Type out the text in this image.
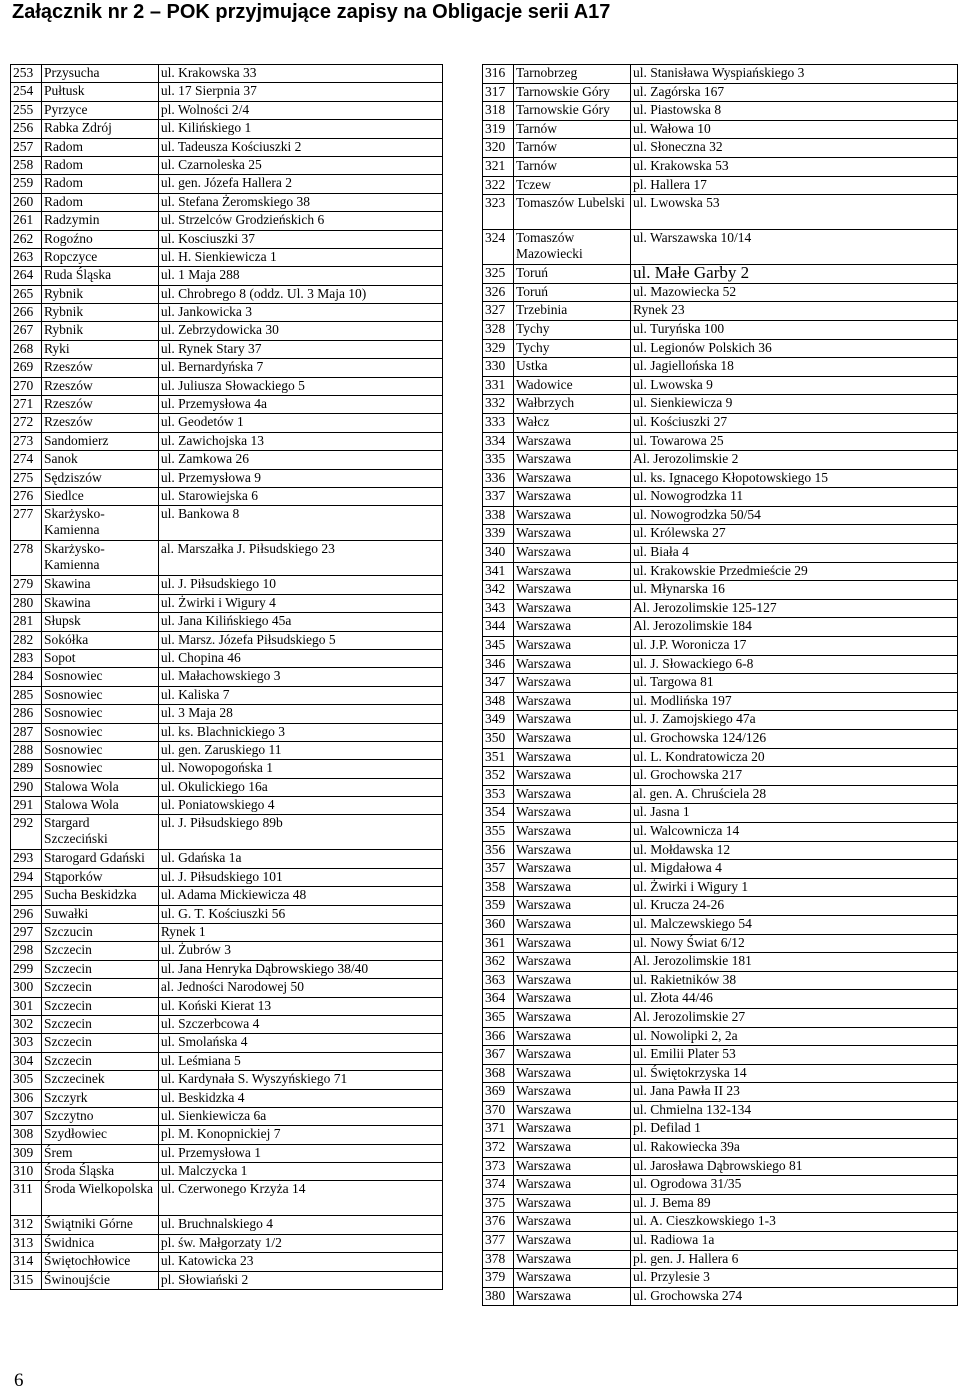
Załącznik nr 2 – POK przyjmujące zapisy na Obligacje serii A17
253	Przysucha	ul. Krakowska 33
254	Pułtusk	ul. 17 Sierpnia 37
255	Pyrzyce	pl. Wolności 2/4
256	Rabka Zdrój	ul. Kilińskiego 1
257	Radom	ul. Tadeusza Kościuszki 2
258	Radom	ul. Czarnoleska 25
259	Radom	ul. gen. Józefa Hallera 2
260	Radom	ul. Stefana Żeromskiego 38
261	Radzymin	ul. Strzelców Grodzieńskich 6
262	Rogoźno	ul. Kosciuszki 37
263	Ropczyce	ul. H. Sienkiewicza 1
264	Ruda Śląska	ul. 1 Maja 288
265	Rybnik	ul. Chrobrego 8 (oddz. Ul. 3 Maja 10)
266	Rybnik	ul. Jankowicka 3
267	Rybnik	ul. Zebrzydowicka 30
268	Ryki	ul. Rynek Stary 37
269	Rzeszów	ul. Bernardyńska 7
270	Rzeszów	ul. Juliusza Słowackiego 5
271	Rzeszów	ul. Przemysłowa 4a
272	Rzeszów	ul. Geodetów 1
273	Sandomierz	ul. Zawichojska 13
274	Sanok	ul. Zamkowa 26
275	Sędziszów	ul. Przemysłowa 9
276	Siedlce	ul. Starowiejska 6
277	Skarżysko-Kamienna	ul. Bankowa 8
278	Skarżysko-Kamienna	al. Marszałka J. Piłsudskiego 23
279	Skawina	ul. J. Piłsudskiego 10
280	Skawina	ul. Żwirki i Wigury 4
281	Słupsk	ul. Jana Kilińskiego 45a
282	Sokółka	ul. Marsz. Józefa Piłsudskiego 5
283	Sopot	ul. Chopina 46
284	Sosnowiec	ul. Małachowskiego 3
285	Sosnowiec	ul. Kaliska 7
286	Sosnowiec	ul. 3 Maja 28
287	Sosnowiec	ul. ks. Blachnickiego 3
288	Sosnowiec	ul. gen. Zaruskiego 11
289	Sosnowiec	ul. Nowopogońska 1
290	Stalowa Wola	ul. Okulickiego 16a
291	Stalowa Wola	ul. Poniatowskiego 4
292	Stargard Szczeciński	ul. J. Piłsudskiego 89b
293	Starogard Gdański	ul. Gdańska 1a
294	Stąporków	ul. J. Piłsudskiego 101
295	Sucha Beskidzka	ul. Adama Mickiewicza 48
296	Suwałki	ul. G. T. Kościuszki 56
297	Szczucin	Rynek 1
298	Szczecin	ul. Żubrów 3
299	Szczecin	ul. Jana Henryka Dąbrowskiego 38/40
300	Szczecin	al. Jedności Narodowej 50
301	Szczecin	ul. Koński Kierat 13
302	Szczecin	ul. Szczerbcowa 4
303	Szczecin	ul. Smolańska 4
304	Szczecin	ul. Leśmiana 5
305	Szczecinek	ul. Kardynała S. Wyszyńskiego 71
306	Szczyrk	ul. Beskidzka 4
307	Szczytno	ul. Sienkiewicza 6a
308	Szydłowiec	pl. M. Konopnickiej 7
309	Śrem	ul. Przemysłowa 1
310	Środa Śląska	ul. Malczycka 1
311	Środa Wielkopolska	ul. Czerwonego Krzyża 14
312	Świątniki Górne	ul. Bruchnalskiego 4
313	Świdnica	pl. św. Małgorzaty 1/2
314	Świętochłowice	ul. Katowicka 23
315	Świnoujście	pl. Słowiański 2
316	Tarnobrzeg	ul. Stanisława Wyspiańskiego 3
317	Tarnowskie Góry	ul. Zagórska 167
318	Tarnowskie Góry	ul. Piastowska 8
319	Tarnów	ul. Wałowa 10
320	Tarnów	ul. Słoneczna 32
321	Tarnów	ul. Krakowska 53
322	Tczew	pl. Hallera 17
323	Tomaszów Lubelski	ul. Lwowska 53
324	Tomaszów Mazowiecki	ul. Warszawska 10/14
325	Toruń	ul. Małe Garby 2
326	Toruń	ul. Mazowiecka 52
327	Trzebinia	Rynek 23
328	Tychy	ul. Turyńska 100
329	Tychy	ul. Legionów Polskich 36
330	Ustka	ul. Jagiellońska 18
331	Wadowice	ul. Lwowska 9
332	Wałbrzych	ul. Sienkiewicza 9
333	Wałcz	ul. Kościuszki 27
334	Warszawa	ul. Towarowa 25
335	Warszawa	Al. Jerozolimskie 2
336	Warszawa	ul. ks. Ignacego Kłopotowskiego 15
337	Warszawa	ul. Nowogrodzka 11
338	Warszawa	ul. Nowogrodzka 50/54
339	Warszawa	ul. Królewska 27
340	Warszawa	ul. Biała 4
341	Warszawa	ul. Krakowskie Przedmieście 29
342	Warszawa	ul. Młynarska 16
343	Warszawa	Al. Jerozolimskie 125-127
344	Warszawa	Al. Jerozolimskie 184
345	Warszawa	ul. J.P. Woronicza 17
346	Warszawa	ul. J. Słowackiego 6-8
347	Warszawa	ul. Targowa 81
348	Warszawa	ul. Modlińska 197
349	Warszawa	ul. J. Zamojskiego 47a
350	Warszawa	ul. Grochowska 124/126
351	Warszawa	ul. L. Kondratowicza 20
352	Warszawa	ul. Grochowska 217
353	Warszawa	al. gen. A. Chruściela 28
354	Warszawa	ul. Jasna 1
355	Warszawa	ul. Walcownicza 14
356	Warszawa	ul. Mołdawska 12
357	Warszawa	ul. Migdałowa 4
358	Warszawa	ul. Żwirki i Wigury 1
359	Warszawa	ul. Krucza 24-26
360	Warszawa	ul. Malczewskiego 54
361	Warszawa	ul. Nowy Świat 6/12
362	Warszawa	Al. Jerozolimskie 181
363	Warszawa	ul. Rakietników 38
364	Warszawa	ul. Złota 44/46
365	Warszawa	Al. Jerozolimskie 27
366	Warszawa	ul. Nowolipki 2, 2a
367	Warszawa	ul. Emilii Plater 53
368	Warszawa	ul. Świętokrzyska 14
369	Warszawa	ul. Jana Pawła II 23
370	Warszawa	ul. Chmielna 132-134
371	Warszawa	pl. Defilad 1
372	Warszawa	ul. Rakowiecka 39a
373	Warszawa	ul. Jarosława Dąbrowskiego 81
374	Warszawa	ul. Ogrodowa 31/35
375	Warszawa	ul. J. Bema 89
376	Warszawa	ul. A. Cieszkowskiego 1-3
377	Warszawa	ul. Radiowa 1a
378	Warszawa	pl. gen. J. Hallera 6
379	Warszawa	ul. Przylesie 3
380	Warszawa	ul. Grochowska 274
6
